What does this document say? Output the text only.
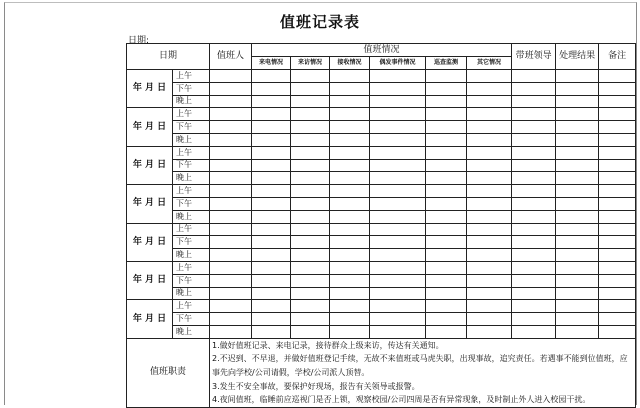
值班记录表
日期:
日期		值班人	值班情况						带班领导	处理结果	备注
			来电情况	来访情况	接收情况	偶发事件情况	巡查监测	其它情况			
年 月 日	上午										
	下午										
	晚上										
年 月 日	上午										
	下午										
	晚上										
年 月 日	上午										
	下午										
	晚上										
年 月 日	上午										
	下午										
	晚上										
年 月 日	上午										
	下午										
	晚上										
年 月 日	上午										
	下午										
	晚上										
年 月 日	上午										
	下午										
	晚上										
值班职责		1.做好值班记录、来电记录，接待群众上级来访，传达有关通知。
2.不迟到、不早退，并做好值班登记手续，无故不来值班或马虎失职，出现事故，追究责任。若遇事不能到位值班，应事先向学校/公司请假，学校/公司派人顶替。
3.发生不安全事故，要保护好现场，报告有关领导或报警。
4.夜间值班，临睡前应巡视门是否上锁，观察校园/公司四周是否有异常现象，及时制止外人进入校园干扰。									
